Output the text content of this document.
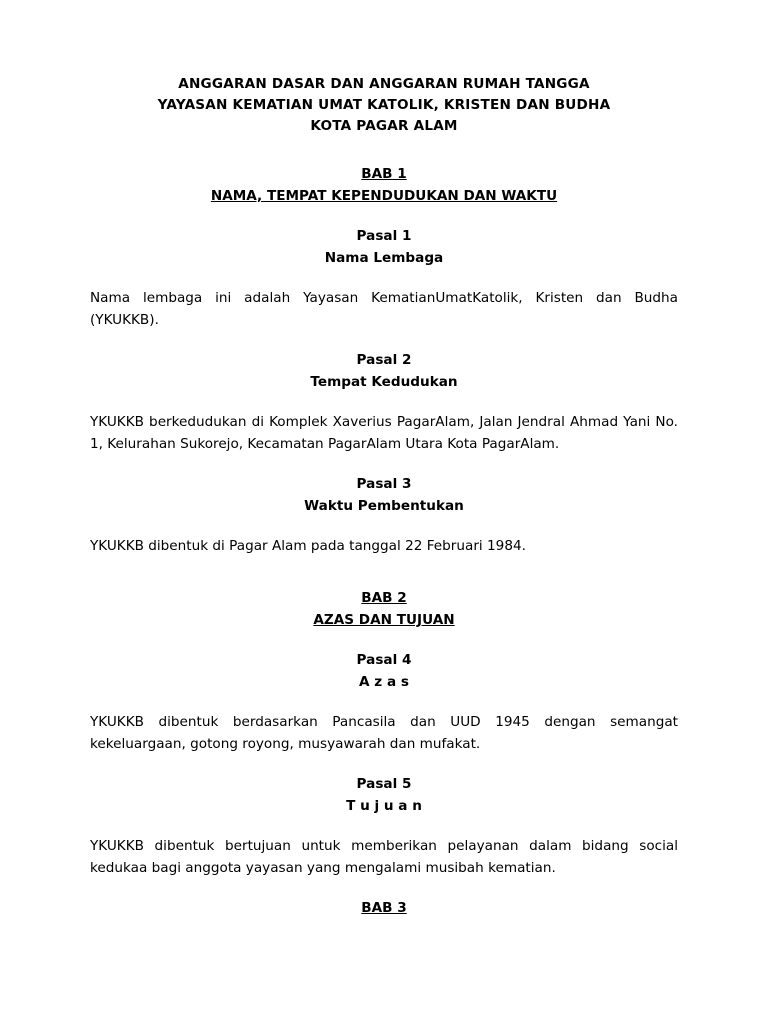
ANGGARAN DASAR DAN ANGGARAN RUMAH TANGGA
YAYASAN KEMATIAN UMAT KATOLIK, KRISTEN DAN BUDHA
KOTA PAGAR ALAM
BAB 1
NAMA, TEMPAT KEPENDUDUKAN DAN WAKTU
Pasal 1
Nama Lembaga
Nama lembaga ini adalah Yayasan KematianUmatKatolik, Kristen dan Budha (YKUKKB).
Pasal 2
Tempat Kedudukan
YKUKKB berkedudukan di Komplek Xaverius PagarAlam, Jalan Jendral Ahmad Yani No. 1, Kelurahan Sukorejo, Kecamatan PagarAlam Utara Kota PagarAlam.
Pasal 3
Waktu Pembentukan
YKUKKB dibentuk di Pagar Alam pada tanggal 22 Februari 1984.
BAB 2
AZAS DAN TUJUAN
Pasal 4
A z a s
YKUKKB dibentuk berdasarkan Pancasila dan UUD 1945 dengan semangat kekeluargaan, gotong royong, musyawarah dan mufakat.
Pasal 5
T u j u a n
YKUKKB dibentuk bertujuan untuk memberikan pelayanan dalam bidang social kedukaa bagi anggota yayasan yang mengalami musibah kematian.
BAB 3
